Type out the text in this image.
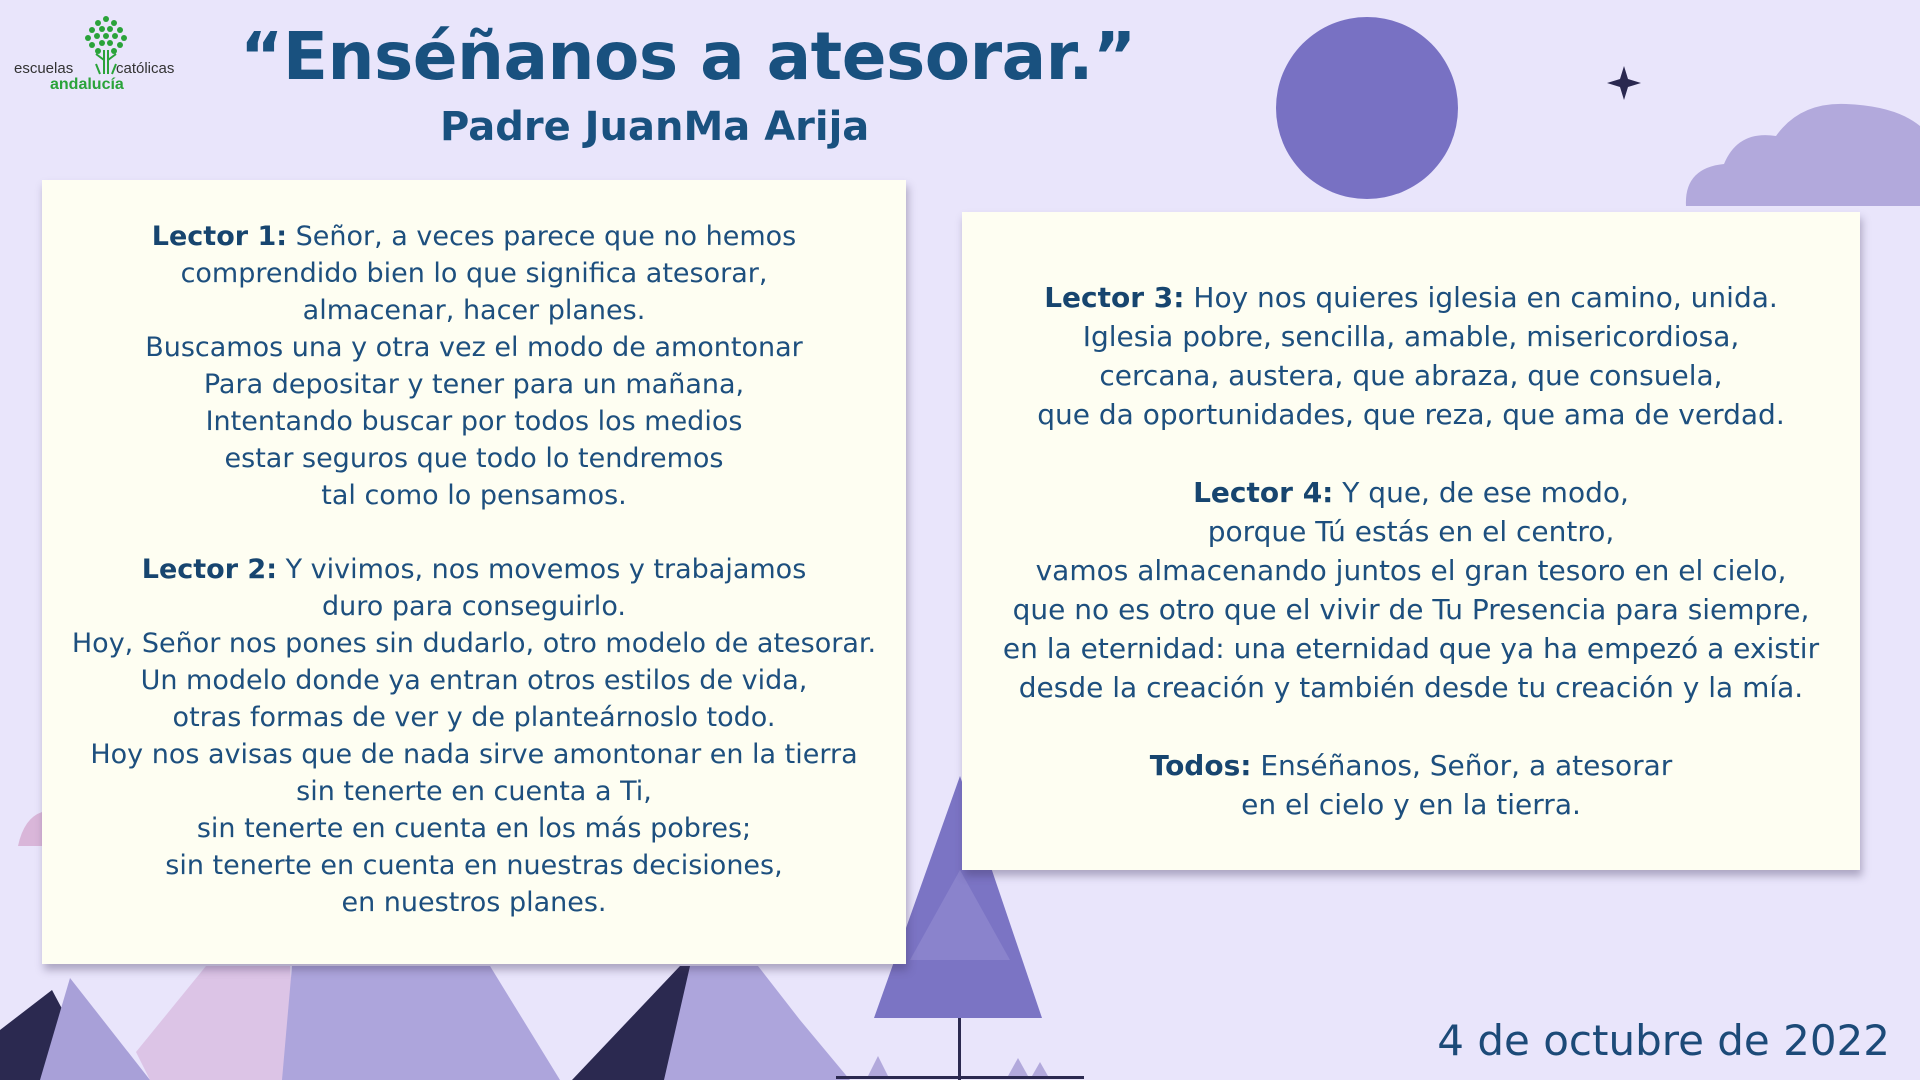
escuelas	católicas
andalucía “Enséñanos a atesorar.”
Padre JuanMa Arija
Lector 1: Señor, a veces parece que no hemos
comprendido bien lo que significa atesorar,
almacenar, hacer planes.
Buscamos una y otra vez el modo de amontonar
Para depositar y tener para un mañana,
Intentando buscar por todos los medios
estar seguros que todo lo tendremos
tal como lo pensamos.
Lector 2: Y vivimos, nos movemos y trabajamos
duro para conseguirlo.
Hoy, Señor nos pones sin dudarlo, otro modelo de atesorar.
Un modelo donde ya entran otros estilos de vida,
otras formas de ver y de planteárnoslo todo.
Hoy nos avisas que de nada sirve amontonar en la tierra
sin tenerte en cuenta a Ti,
sin tenerte en cuenta en los más pobres;
sin tenerte en cuenta en nuestras decisiones,
en nuestros planes.
Lector 3: Hoy nos quieres iglesia en camino, unida.
Iglesia pobre, sencilla, amable, misericordiosa,
cercana, austera, que abraza, que consuela,
que da oportunidades, que reza, que ama de verdad.
Lector 4: Y que, de ese modo,
porque Tú estás en el centro,
vamos almacenando juntos el gran tesoro en el cielo,
que no es otro que el vivir de Tu Presencia para siempre,
en la eternidad: una eternidad que ya ha empezó a existir
desde la creación y también desde tu creación y la mía.
Todos: Enséñanos, Señor, a atesorar
en el cielo y en la tierra.
4 de octubre de 2022
